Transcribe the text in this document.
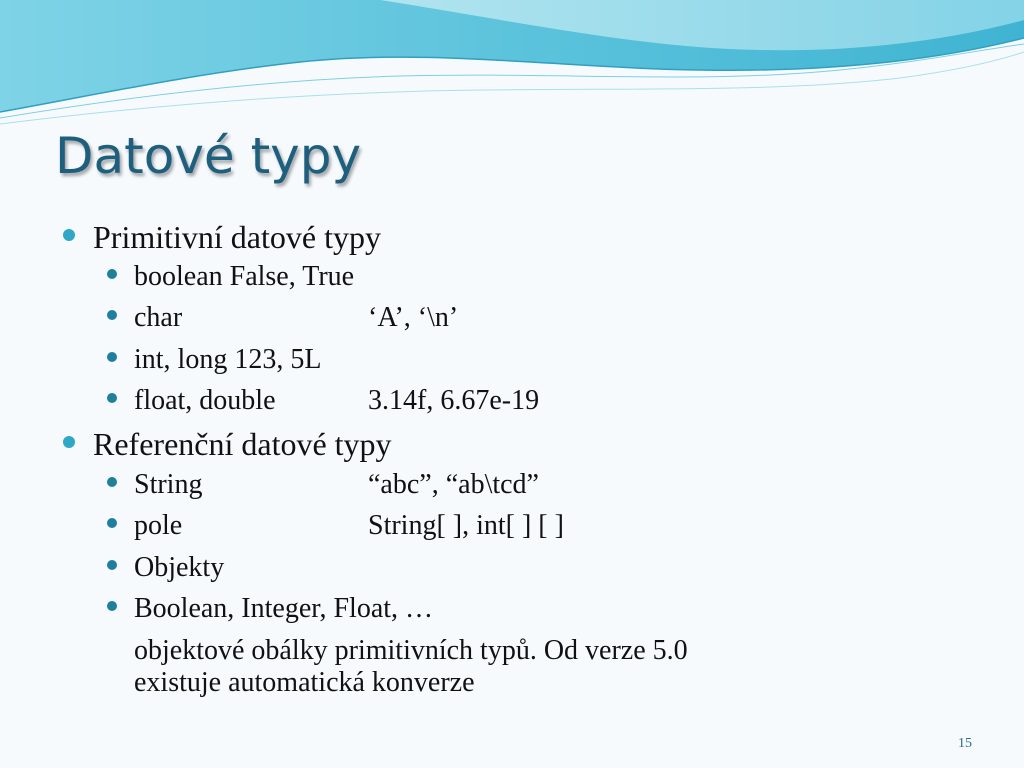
Datové typy
Primitivní datové typy
boolean False, True
char	‘A’, ‘\n’
int, long 123, 5L
float, double	3.14f, 6.67e-19
Referenční datové typy
String	“abc”, “ab\tcd”
pole	String[ ], int[ ] [ ]
Objekty
Boolean, Integer, Float, …
objektové obálky primitivních typů. Od verze 5.0
existuje automatická konverze
15
